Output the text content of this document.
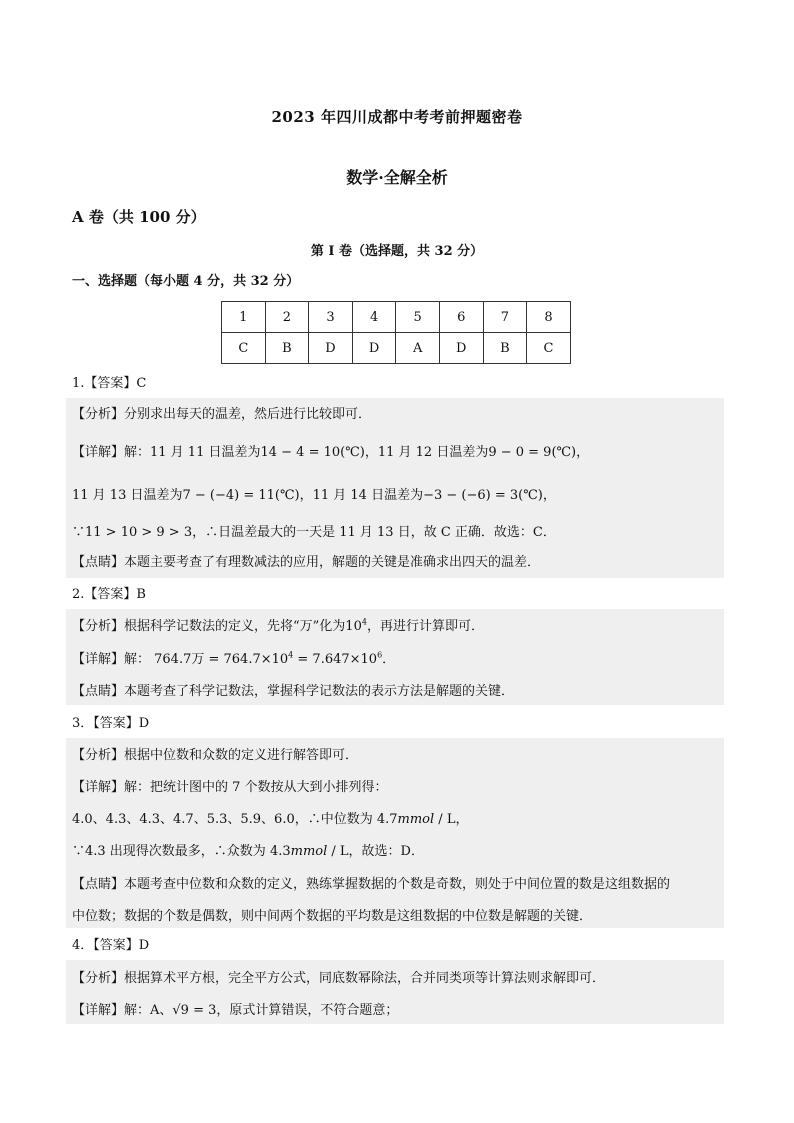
2023 年四川成都中考考前押题密卷
数学·全解全析
A 卷（共 100 分）
第 I 卷（选择题，共 32 分）
一、选择题（每小题 4 分，共 32 分）
1	2	3	4	5	6	7	8
C	B	D	D	A	D	B	C
1.【答案】C
【分析】分别求出每天的温差，然后进行比较即可．
【详解】解：11 月 11 日温差为14 − 4 = 10(℃)，11 月 12 日温差为9 − 0 = 9(℃)，
11 月 13 日温差为7 − (−4) = 11(℃)，11 月 14 日温差为−3 − (−6) = 3(℃)，
∵11 > 10 > 9 > 3，∴日温差最大的一天是 11 月 13 日，故 C 正确．故选：C．
【点睛】本题主要考查了有理数减法的应用，解题的关键是准确求出四天的温差．
2.【答案】B
【分析】根据科学记数法的定义，先将“万”化为$10^4$，再进行计算即可．
【详解】解： 764.7万 = $764.7\times 10^4 = 7.647\times 10^6$．
【点睛】本题考查了科学记数法，掌握科学记数法的表示方法是解题的关键．
3．【答案】D
【分析】根据中位数和众数的定义进行解答即可．
【详解】解：把统计图中的 7 个数按从大到小排列得：
4.0、4.3、4.3、4.7、5.3、5.9、6.0，∴中位数为 4.7mmol / L，
∵4.3 出现得次数最多，∴众数为 4.3mmol / L，故选：D．
【点睛】本题考查中位数和众数的定义，熟练掌握数据的个数是奇数，则处于中间位置的数是这组数据的
中位数；数据的个数是偶数，则中间两个数据的平均数是这组数据的中位数是解题的关键．
4．【答案】D
【分析】根据算术平方根，完全平方公式，同底数幂除法，合并同类项等计算法则求解即可．
【详解】解：A、√9 = 3，原式计算错误，不符合题意；
